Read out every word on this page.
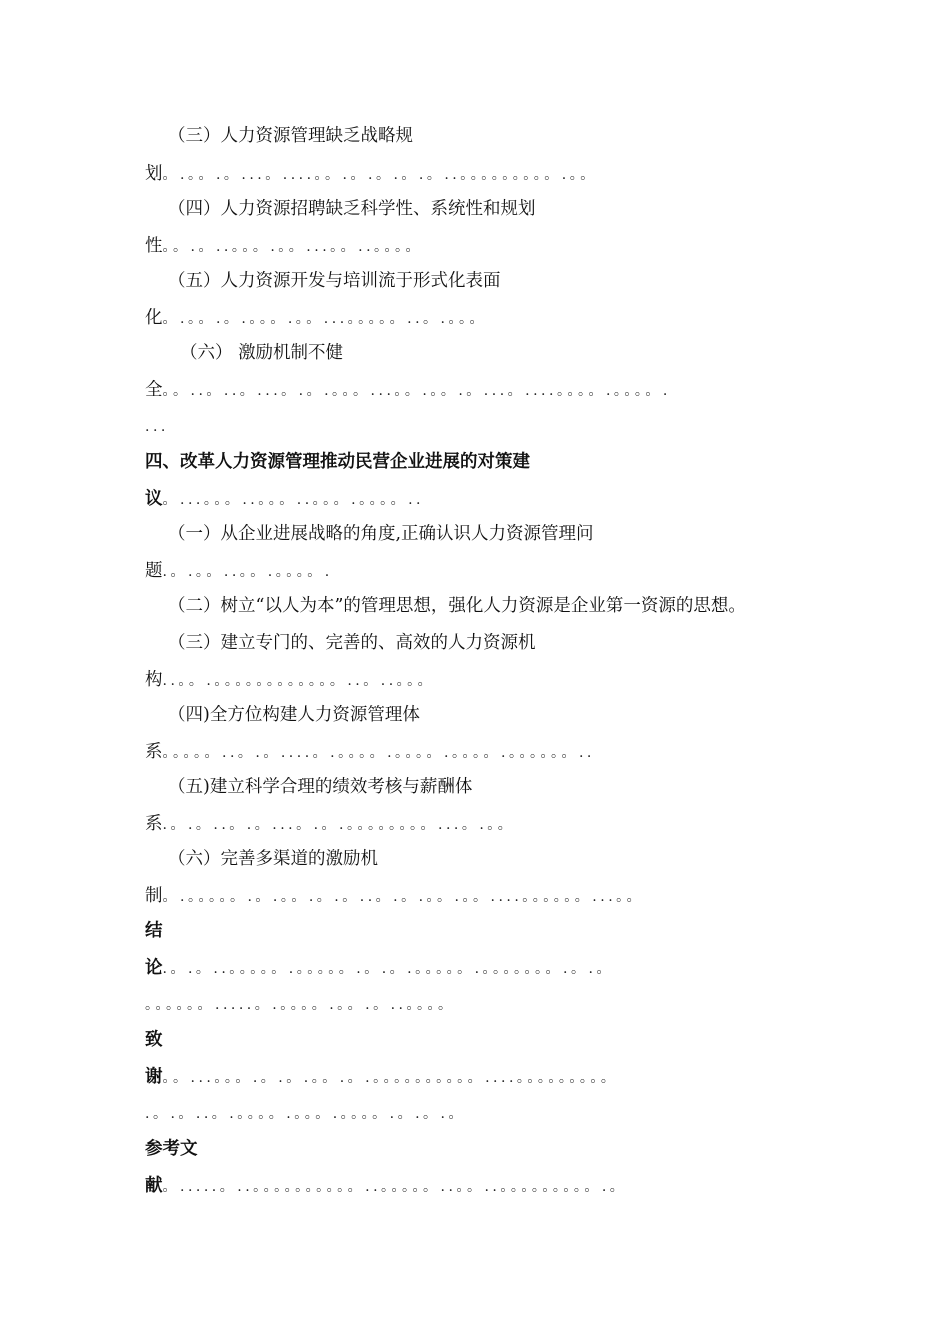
（三）人力资源管理缺乏战略规
划。.。。.。...。....。。.。.。.。.。..。。。。。。。。。.。。
（四）人力资源招聘缺乏科学性、系统性和规划
性。。.。..。。。.。。...。。..。。。。
（五）人力资源开发与培训流于形式化表面
化。.。。.。.。。。.。。...。。。。。..。.。。。
（六） 激励机制不健
全。。..。..。...。.。.。。。...。。.。。.。...。....。。。。.。。。。.
...
四、改革人力资源管理推动民营企业进展的对策建
议。...。。。..。。。..。。。.。。。。..
（一）从企业进展战略的角度,正确认识人力资源管理问
题.。.。。..。。.。。。。.
（二）树立“以人为本”的管理思想，强化人力资源是企业第一资源的思想。
（三）建立专门的、完善的、高效的人力资源机
构..。。.。。。。。。。。。。。。..。..。。。
（四)全方位构建人力资源管理体
系。。。。。..。.。....。.。。。。.。。。。.。。。。.。。。。。。..
（五)建立科学合理的绩效考核与薪酬体
系.。.。..。.。...。.。.。。。。。。。。...。.。。
（六）完善多渠道的激励机
制。.。。。。。.。.。。.。.。..。.。.。。.。。....。。。。。。...。。
结
论.。.。..。。。。。.。。。。。.。.。.。。。。。.。。。。。。。.。.。
。。。。。。.....。.。。。。.。。.。..。。。。
致
谢。。...。。。.。.。.。。.。.。。。。。。。。。。....。。。。。。。。。
.。.。..。.。。。。.。。。.。。。。.。.。.。
参考文
献。.....。..。。。。。。。。。。..。。。。。..。。..。。。。。。。。。.。
